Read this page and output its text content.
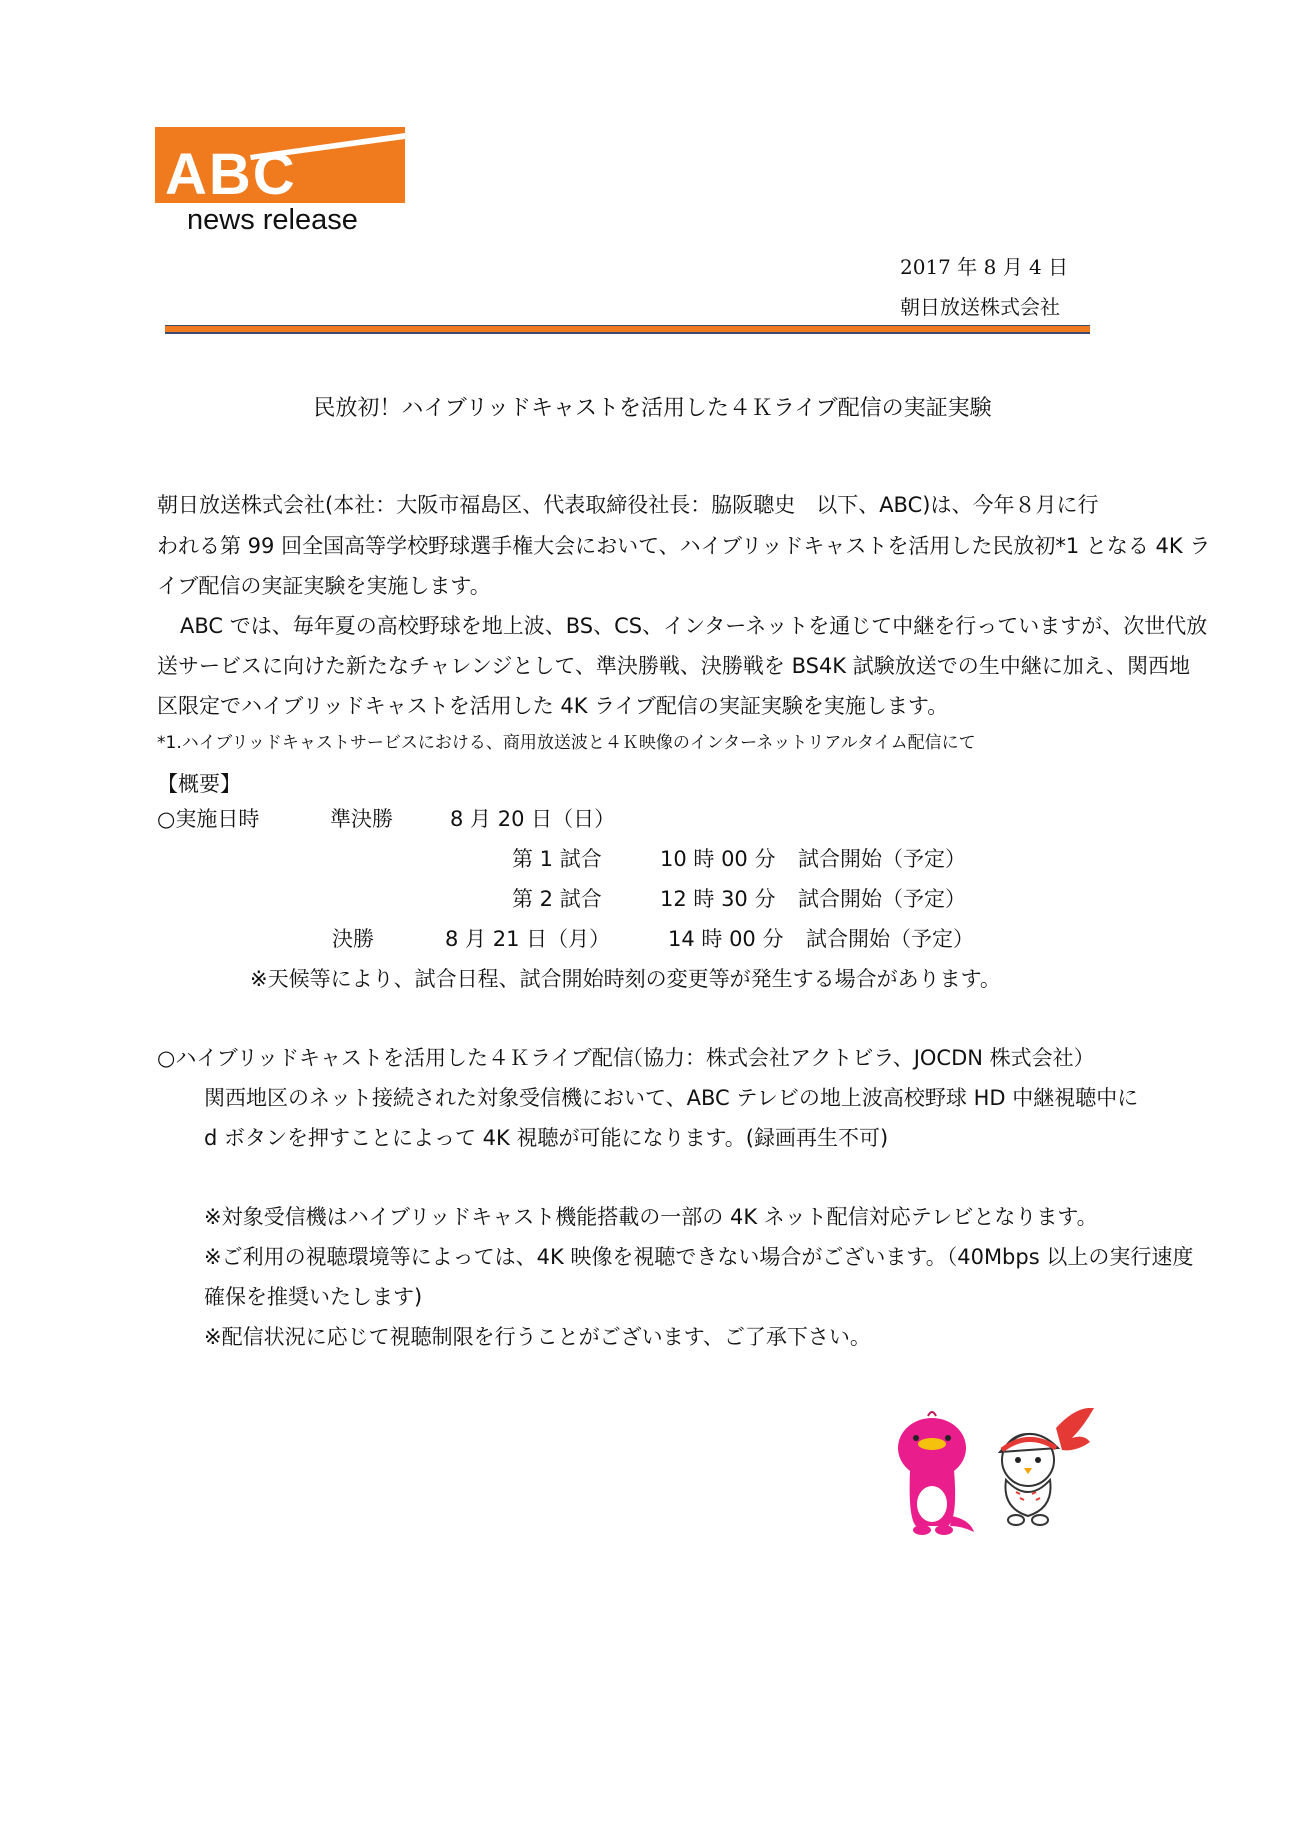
ABC
news release
2017 年 8 月 4 日
朝日放送株式会社
民放初！ハイブリッドキャストを活用した４Ｋライブ配信の実証実験
朝日放送株式会社(本社：大阪市福島区、代表取締役社長：脇阪聰史　以下、ABC)は、今年８月に行
われる第 99 回全国高等学校野球選手権大会において、ハイブリッドキャストを活用した民放初*1 となる 4K ラ
イブ配信の実証実験を実施します。
ABC では、毎年夏の高校野球を地上波、BS、CS、インターネットを通じて中継を行っていますが、次世代放
送サービスに向けた新たなチャレンジとして、準決勝戦、決勝戦を BS4K 試験放送での生中継に加え、関西地
区限定でハイブリッドキャストを活用した 4K ライブ配信の実証実験を実施します。
*1.ハイブリッドキャストサービスにおける、商用放送波と４Ｋ映像のインターネットリアルタイム配信にて
【概要】
○実施日時	準決勝	8 月 20 日（日）
第 1 試合	10 時 00 分 試合開始（予定）
第 2 試合	12 時 30 分 試合開始（予定）
決勝	8 月 21 日（月）	14 時 00 分 試合開始（予定）
※天候等により、試合日程、試合開始時刻の変更等が発生する場合があります。
○ハイブリッドキャストを活用した４Ｋライブ配信
（協力：株式会社アクトビラ、JOCDN 株式会社）
関西地区のネット接続された対象受信機において、ABC テレビの地上波高校野球 HD 中継視聴中に
d ボタンを押すことによって 4K 視聴が可能になります。(録画再生不可)
※対象受信機はハイブリッドキャスト機能搭載の一部の 4K ネット配信対応テレビとなります。
※ご利用の視聴環境等によっては、4K 映像を視聴できない場合がございます。（40Mbps 以上の実行速度
確保を推奨いたします)
※配信状況に応じて視聴制限を行うことがございます、ご了承下さい。
